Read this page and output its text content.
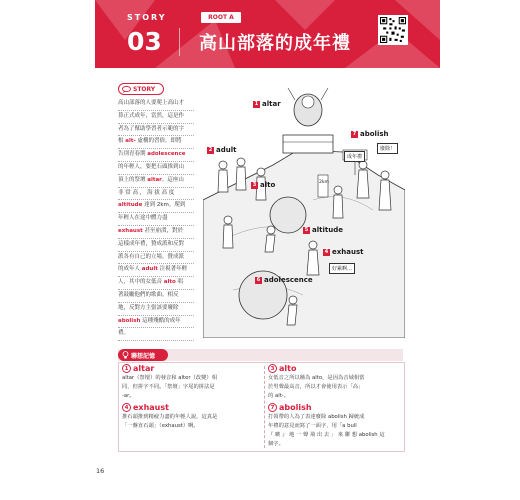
STORY
03
ROOT A
高山部落的成年禮
STORY
高山部落的人要爬上高山才
算正式成年，當然，這是作
者為了幫助學習者示範的字
根 alt- 虛構的習俗。即將
告別青春期 adolescence
的年輕人，要把石頭推到山
頂上的祭壇 altar。這座山
非 常 高 ， 海 拔 高 度
altitude 達到 2km。爬到
年輕人在途中體力盡
exhaust 甚至崩潰，對於
這樣成年禮，贊成派和反對
派各有自己的立場。贊成派
的成年人 adult 注視著年輕
人，其中的女低音 alto 唱
著鼓勵他們的歌曲。相反
地，反對方主張該要廢除
abolish 這種殘酷的成年
禮。
1 altar
2 adult
3 alto
4 exhaust
5 altitude
6 adolescence
7 abolish
成年禮
廢除！
好累啊…
2km
聯想記憶
1 altar
altar（祭壇）的發音和 alter（改變）相
同，但拼字不同。「祭壇」字尾的拼法是
-ar。
3 alto
女低音之所以稱為 alto，是因為音域相當
於男聲最高音，所以才會使用表示「高」
的 alt-。
4 exhaust
推石頭推到精疲力盡的年輕人說，這真是
「一盤直石頭」（exhaust）啊。
7 abolish
打領帶的人為了表達廢除 abolish 歸統成
年禮的意見而寫了一面字，用「a bull
『 啵 』 地 一 聲 飛 出 去 」 來 聯 想 abolish 這
個字。
16
